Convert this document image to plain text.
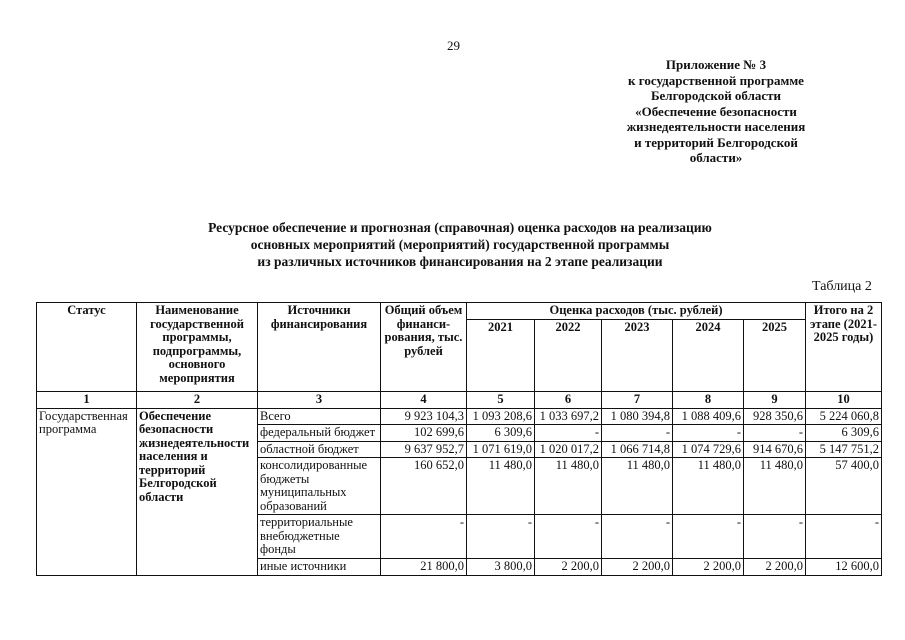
29
Приложение № 3
к государственной программе
Белгородской области
«Обеспечение безопасности
жизнедеятельности населения
и территорий Белгородской
области»
Ресурсное обеспечение и прогнозная (справочная) оценка расходов на реализацию
основных мероприятий (мероприятий) государственной программы
из различных источников финансирования на 2 этапе реализации
Таблица 2
Статус	Наименование государственной программы, подпрограммы, основного мероприятия	Источники финансирования	Общий объем финанси-рования, тыс. рублей	Оценка расходов (тыс. рублей)					Итого на 2 этапе (2021-2025 годы)
				2021	2022	2023	2024	2025	
1	2	3	4	5	6	7	8	9	10
Государственная программа	Обеспечение безопасности жизнедеятельности населения и территорий Белгородской области	Всего	9 923 104,3	1 093 208,6	1 033 697,2	1 080 394,8	1 088 409,6	928 350,6	5 224 060,8
		федеральный бюджет	102 699,6	6 309,6	-	-	-	-	6 309,6
		областной бюджет	9 637 952,7	1 071 619,0	1 020 017,2	1 066 714,8	1 074 729,6	914 670,6	5 147 751,2
		консолидированные бюджеты муниципальных образований	160 652,0	11 480,0	11 480,0	11 480,0	11 480,0	11 480,0	57 400,0
		территориальные внебюджетные фонды	-	-	-	-	-	-	-
		иные источники	21 800,0	3 800,0	2 200,0	2 200,0	2 200,0	2 200,0	12 600,0
